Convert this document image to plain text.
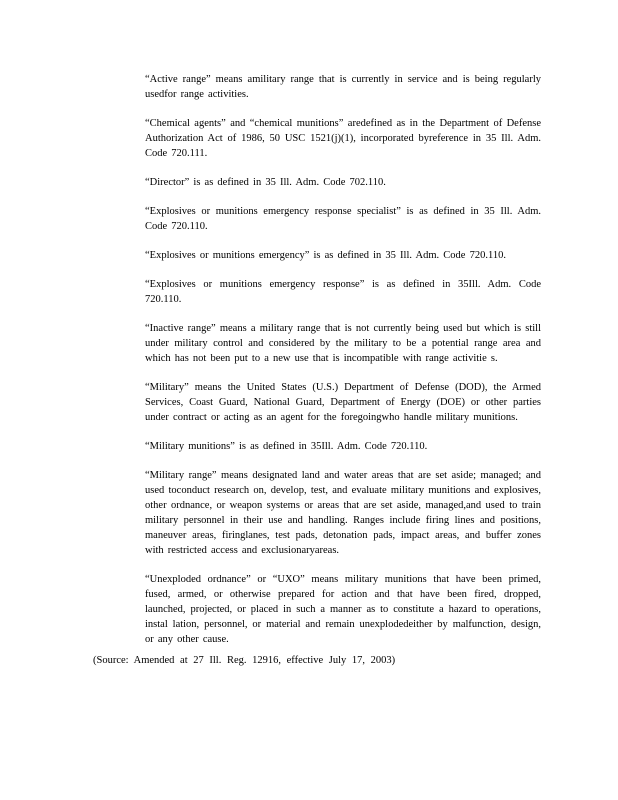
“Active range” means amilitary range that is currently in service and is being regularly usedfor range activities.

“Chemical agents” and “chemical munitions” aredefined as in the Department of Defense Authorization Act of 1986, 50 USC 1521(j)(1), incorporated byreference in 35 Ill. Adm. Code 720.111.

“Director” is as defined in 35 Ill. Adm. Code 702.110.

“Explosives or munitions emergency response specialist” is as defined in 35 Ill. Adm. Code 720.110.

“Explosives or munitions emergency” is as defined in 35 Ill. Adm. Code 720.110.

“Explosives or munitions emergency response” is as defined in 35Ill. Adm. Code 720.110.

“Inactive range” means a military range that is not currently being used but which is still under military control and considered by the military to be a potential range area and which has not been put to a new use that is incompatible with range activitie s.

“Military” means the United States (U.S.) Department of Defense (DOD), the Armed Services, Coast Guard, National Guard, Department of Energy (DOE) or other parties under contract or acting as an agent for the foregoingwho handle military munitions.

“Military munitions” is as defined in 35Ill. Adm. Code 720.110.

“Military range” means designated land and water areas that are set aside; managed; and used toconduct research on, develop, test, and evaluate military munitions and explosives, other ordnance, or weapon systems or areas that are set aside, managed,and used to train military personnel in their use and handling. Ranges include firing lines and positions, maneuver areas, firinglanes, test pads, detonation pads, impact areas, and buffer zones with restricted access and exclusionaryareas.

“Unexploded ordnance” or “UXO” means military munitions that have been primed, fused, armed, or otherwise prepared for action and that have been fired, dropped, launched, projected, or placed in such a manner as to constitute a hazard to operations, instal lation, personnel, or material and remain unexplodedeither by malfunction, design, or any other cause.

(Source: Amended at 27 Ill. Reg. 12916, effective July 17, 2003)
